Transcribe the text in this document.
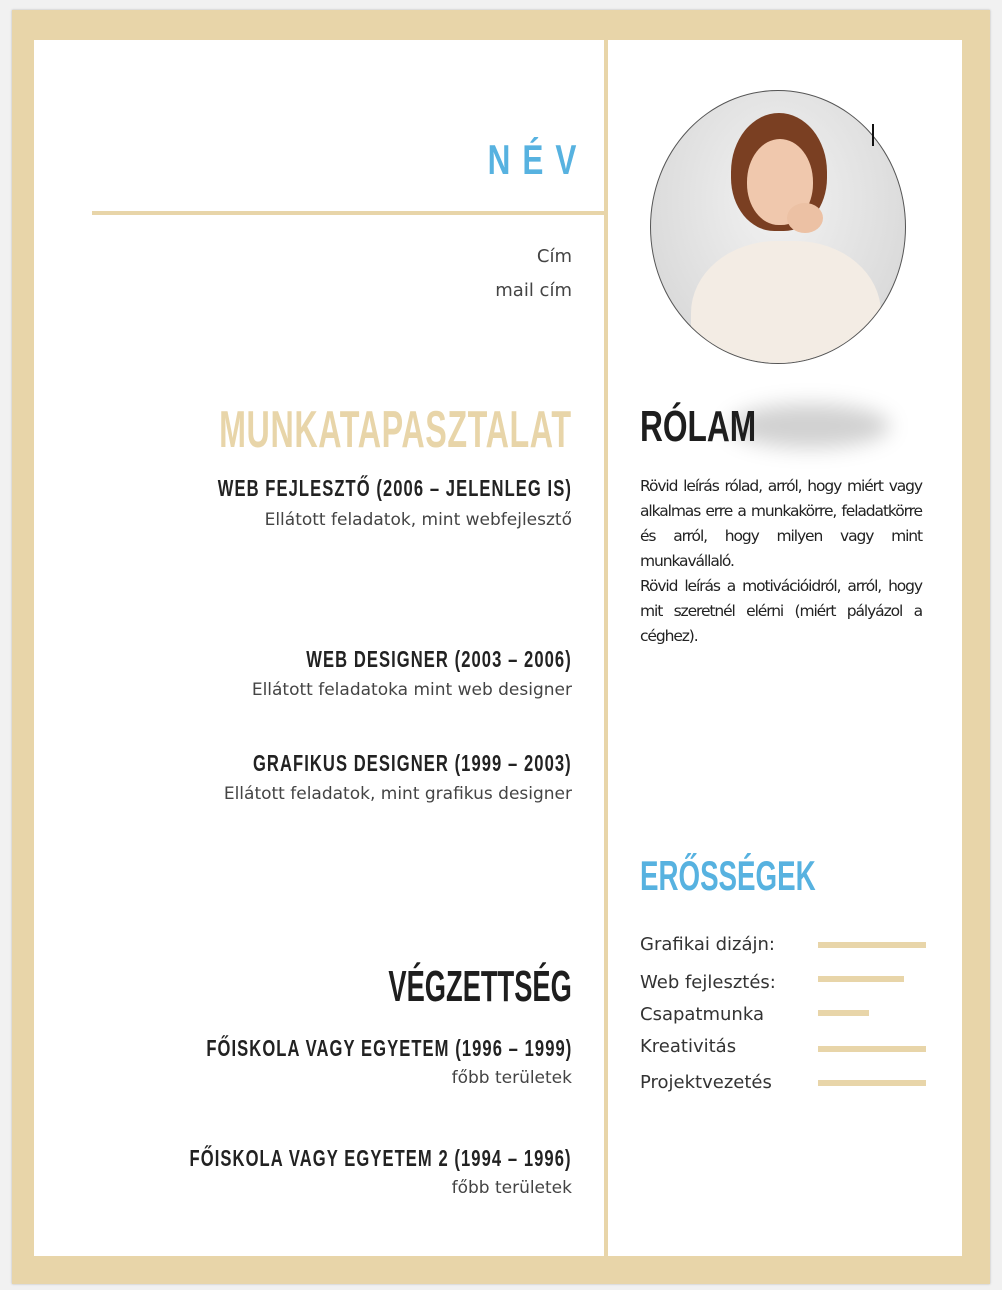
NÉV
Cím
mail cím
MUNKATAPASZTALAT
WEB FEJLESZTŐ (2006 – JELENLEG IS)
Ellátott feladatok, mint webfejlesztő
WEB DESIGNER (2003 – 2006)
Ellátott feladatoka mint web designer
GRAFIKUS DESIGNER (1999 – 2003)
Ellátott feladatok, mint grafikus designer
VÉGZETTSÉG
FŐISKOLA VAGY EGYETEM (1996 – 1999)
főbb területek
FŐISKOLA VAGY EGYETEM 2 (1994 – 1996)
főbb területek
RÓLAM

Rövid leírás rólad, arról, hogy miért vagy alkalmas erre a munkakörre, feladatkörre és arról, hogy milyen vagy mint munkavállaló.

Rövid leírás a motivációidról, arról, hogy mit szeretnél elérni (miért pályázol a céghez).

ERŐSSÉGEK
Grafikai dizájn:
Web fejlesztés:
Csapatmunka
Kreativitás
Projektvezetés
